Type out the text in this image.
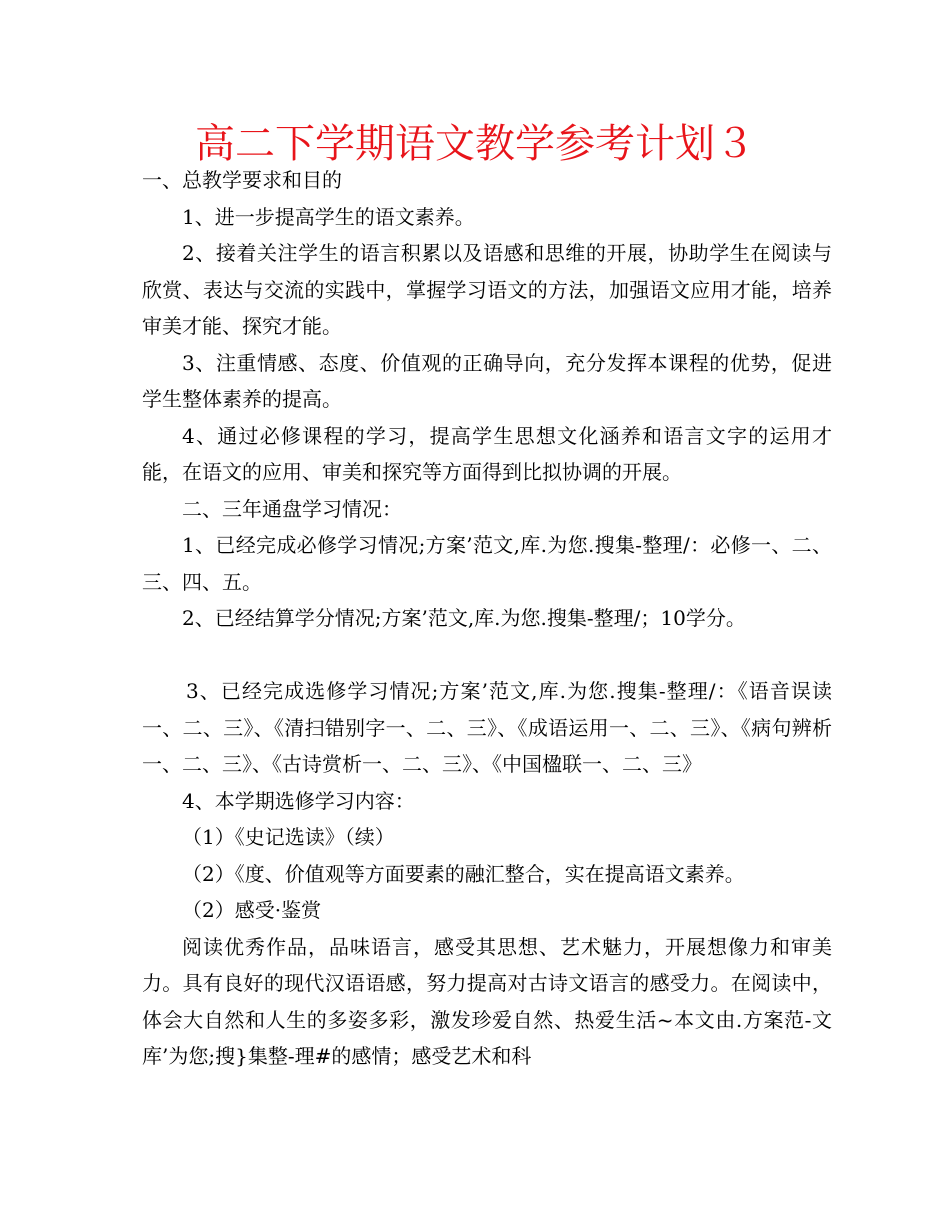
高二下学期语文教学参考计划３

一、总教学要求和目的

1、进一步提高学生的语文素养。

2、接着关注学生的语言积累以及语感和思维的开展，协助学生在阅读与欣赏、表达与交流的实践中，掌握学习语文的方法，加强语文应用才能，培养审美才能、探究才能。

3、注重情感、态度、价值观的正确导向，充分发挥本课程的优势，促进学生整体素养的提高。

4、通过必修课程的学习，提高学生思想文化涵养和语言文字的运用才能，在语文的应用、审美和探究等方面得到比拟协调的开展。

二、三年通盘学习情况：

1、已经完成必修学习情况;方案’范文,库.为您.搜集-整理/：必修一、二、三、四、五。

2、已经结算学分情况;方案’范文,库.为您.搜集-整理/；10学分。

3、已经完成选修学习情况;方案’范文,库.为您.搜集-整理/：《语音误读一、二、三》、《清扫错别字一、二、三》、《成语运用一、二、三》、《病句辨析一、二、三》、《古诗赏析一、二、三》、《中国楹联一、二、三》

4、本学期选修学习内容：

（1）《史记选读》（续）

（2）《度、价值观等方面要素的融汇整合，实在提高语文素养。

（2）感受·鉴赏

阅读优秀作品，品味语言，感受其思想、艺术魅力，开展想像力和审美力。具有良好的现代汉语语感，努力提高对古诗文语言的感受力。在阅读中，体会大自然和人生的多姿多彩，激发珍爱自然、热爱生活~本文由.方案范-文库’为您;搜}集整-理#的感情；感受艺术和科
